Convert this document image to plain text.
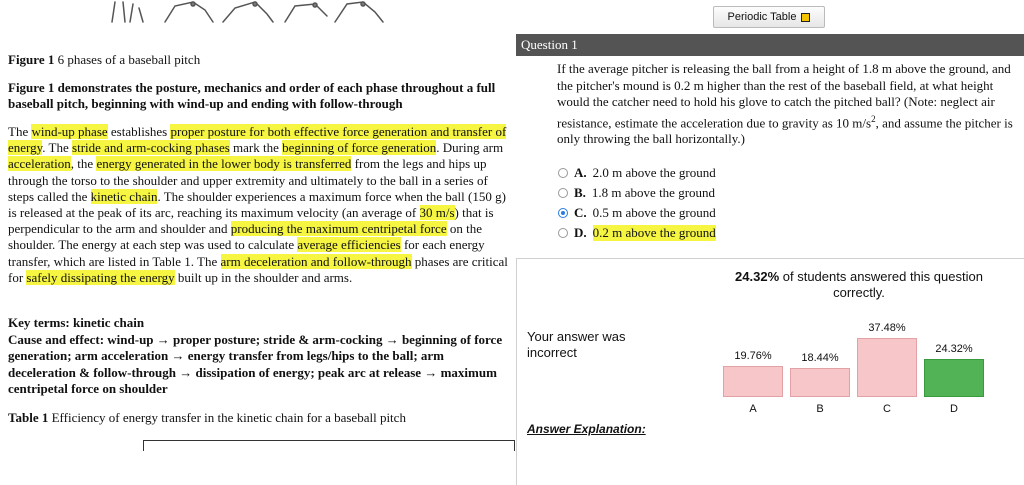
Figure 1 6 phases of a baseball pitch
Figure 1 demonstrates the posture, mechanics and order of each phase throughout a full baseball pitch, beginning with wind-up and ending with follow-through
The wind-up phase establishes proper posture for both effective force generation and transfer of energy. The stride and arm-cocking phases mark the beginning of force generation. During arm acceleration, the energy generated in the lower body is transferred from the legs and hips up through the torso to the shoulder and upper extremity and ultimately to the ball in a series of steps called the kinetic chain. The shoulder experiences a maximum force when the ball (150 g) is released at the peak of its arc, reaching its maximum velocity (an average of 30 m/s) that is perpendicular to the arm and shoulder and producing the maximum centripetal force on the shoulder. The energy at each step was used to calculate average efficiencies for each energy transfer, which are listed in Table 1. The arm deceleration and follow-through phases are critical for safely dissipating the energy built up in the shoulder and arms.
Key terms: kinetic chain
Cause and effect: wind-up → proper posture; stride & arm-cocking → beginning of force generation; arm acceleration → energy transfer from legs/hips to the ball; arm deceleration & follow-through → dissipation of energy; peak arc at release → maximum centripetal force on shoulder
Table 1 Efficiency of energy transfer in the kinetic chain for a baseball pitch
Periodic Table
Question 1
If the average pitcher is releasing the ball from a height of 1.8 m above the ground, and the pitcher's mound is 0.2 m higher than the rest of the baseball field, at what height would the catcher need to hold his glove to catch the pitched ball? (Note: neglect air resistance, estimate the acceleration due to gravity as 10 $m/s^2$, and assume the pitcher is only throwing the ball horizontally.)
A. 2.0 m above the ground
B. 1.8 m above the ground
C. 0.5 m above the ground
D. 0.2 m above the ground
24.32% of students answered this question correctly.
Your answer was incorrect
Answer Explanation:
19.76%
A
18.44%
B
37.48%
C
24.32%
D
